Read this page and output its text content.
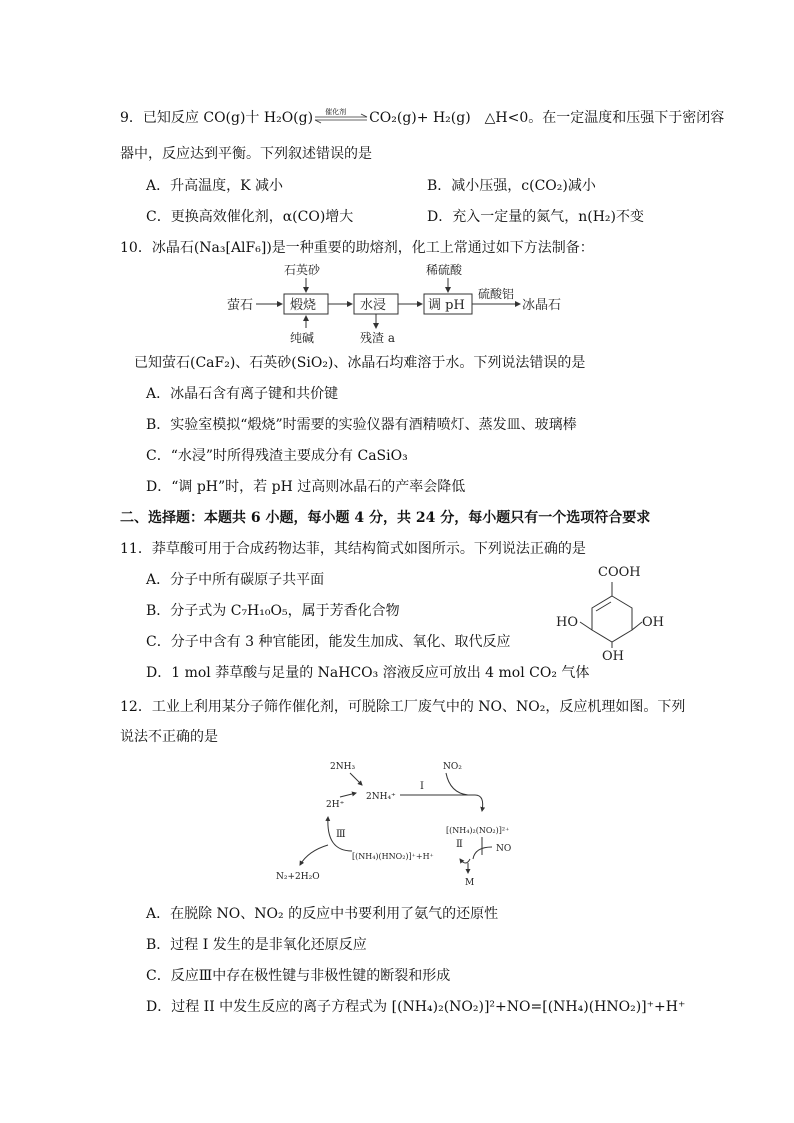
9．已知反应 CO(g)十 H₂O(g) 催化剂 CO₂(g)+ H₂(g)　△H<0。在一定温度和压强下于密闭容
器中，反应达到平衡。下列叙述错误的是
A．升高温度，K 减小	B．减小压强，c(CO₂)减小
C．更换高效催化剂，α(CO)增大	D．充入一定量的氮气，n(H₂)不变
10．冰晶石(Na₃[AlF₆])是一种重要的助熔剂，化工上常通过如下方法制备：
萤石	煅烧	水浸	调 pH
硫酸铝
冰晶石
石英砂	稀硫酸
纯碱	残渣 a
已知萤石(CaF₂)、石英砂(SiO₂)、冰晶石均难溶于水。下列说法错误的是
A．冰晶石含有离子键和共价键
B．实验室模拟“煅烧”时需要的实验仪器有酒精喷灯、蒸发皿、玻璃棒
C．“水浸”时所得残渣主要成分有 CaSiO₃
D．“调 pH”时，若 pH 过高则冰晶石的产率会降低
二、选择题：本题共 6 小题，每小题 4 分，共 24 分，每小题只有一个选项符合要求
11．莽草酸可用于合成药物达菲，其结构简式如图所示。下列说法正确的是
A．分子中所有碳原子共平面
B．分子式为 C₇H₁₀O₅，属于芳香化合物
C．分子中含有 3 种官能团，能发生加成、氧化、取代反应
D．1 mol 莽草酸与足量的 NaHCO₃ 溶液反应可放出 4 mol CO₂ 气体
COOH
HO	OH
OH
12．工业上利用某分子筛作催化剂，可脱除工厂废气中的 NO、NO₂，反应机理如图。下列
说法不正确的是
2NH₃
2NH₄⁺
Ⅰ
NO₂
2H⁺
[(NH₄)₂(NO₂)]²⁺
Ⅱ	NO
[(NH₄)(HNO₂)]⁺+H⁺
M
Ⅲ
N₂+2H₂O
A．在脱除 NO、NO₂ 的反应中书要利用了氨气的还原性
B．过程 I 发生的是非氧化还原反应
C．反应Ⅲ中存在极性键与非极性键的断裂和形成
D．过程 II 中发生反应的离子方程式为 [(NH₄)₂(NO₂)]²+NO=[(NH₄)(HNO₂)]⁺+H⁺
